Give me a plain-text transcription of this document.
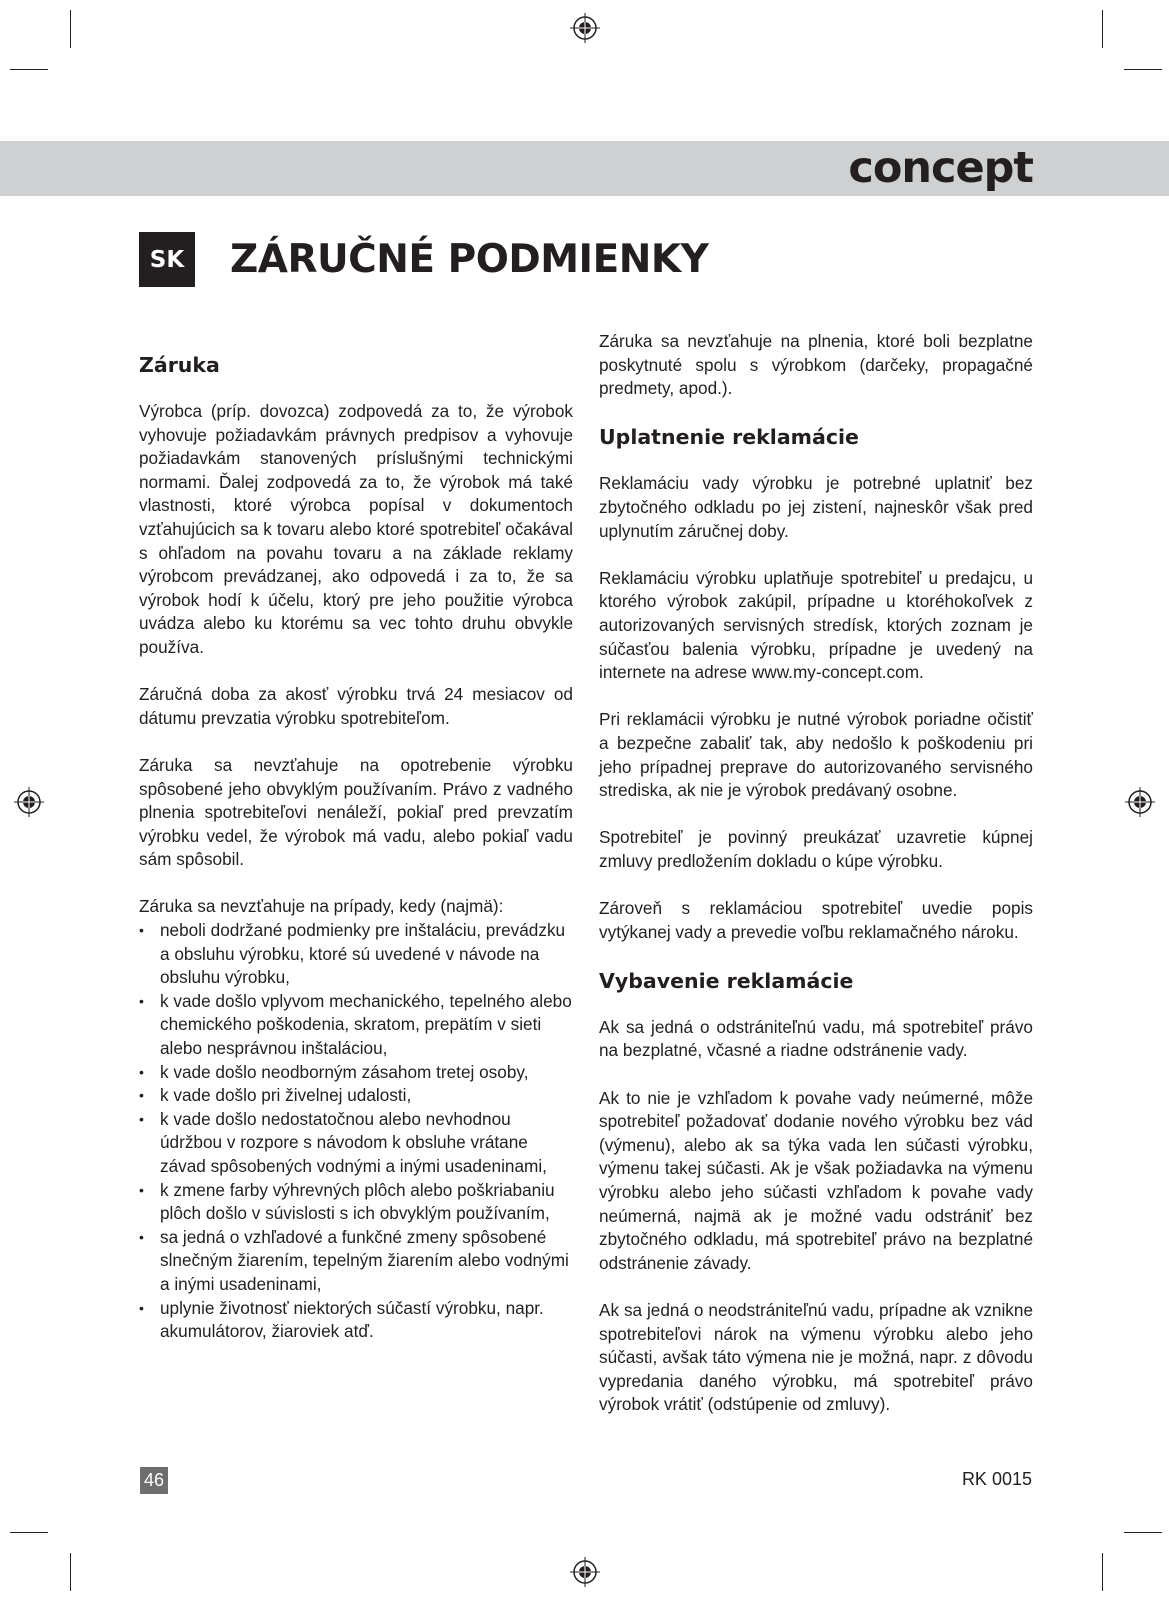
concept
SK ZÁRUČNÉ PODMIENKY
Záruka

Výrobca (príp. dovozca) zodpovedá za to, že výrobok vyhovuje požiadavkám právnych predpisov a vyhovuje požiadavkám stanovených príslušnými technickými normami. Ďalej zodpovedá za to, že výrobok má také vlastnosti, ktoré výrobca popísal v dokumentoch vzťahujúcich sa k tovaru alebo ktoré spotrebiteľ očakával s ohľadom na povahu tovaru a na základe reklamy výrobcom prevádzanej, ako odpovedá i za to, že sa výrobok hodí k účelu, ktorý pre jeho použitie výrobca uvádza alebo ku ktorému sa vec tohto druhu obvykle používa.

Záručná doba za akosť výrobku trvá 24 mesiacov od dátumu prevzatia výrobku spotrebiteľom.

Záruka sa nevzťahuje na opotrebenie výrobku spôsobené jeho obvyklým používaním. Právo z vadného plnenia spotrebiteľovi nenáleží, pokiaľ pred prevzatím výrobku vedel, že výrobok má vadu, alebo pokiaľ vadu sám spôsobil.

Záruka sa nevzťahuje na prípady, kedy (najmä):

• neboli dodržané podmienky pre inštaláciu, prevádzku a obsluhu výrobku, ktoré sú uvedené v návode na obsluhu výrobku,
• k vade došlo vplyvom mechanického, tepelného alebo chemického poškodenia, skratom, prepätím v sieti alebo nesprávnou inštaláciou,
• k vade došlo neodborným zásahom tretej osoby,
• k vade došlo pri živelnej udalosti,
• k vade došlo nedostatočnou alebo nevhodnou údržbou v rozpore s návodom k obsluhe vrátane závad spôsobených vodnými a inými usadeninami,
• k zmene farby výhrevných plôch alebo poškriabaniu plôch došlo v súvislosti s ich obvyklým používaním,
• sa jedná o vzhľadové a funkčné zmeny spôsobené slnečným žiarením, tepelným žiarením alebo vodnými a inými usadeninami,
• uplynie životnosť niektorých súčastí výrobku, napr. akumulátorov, žiaroviek atď.

Záruka sa nevzťahuje na plnenia, ktoré boli bezplatne poskytnuté spolu s výrobkom (darčeky, propagačné predmety, apod.).

Uplatnenie reklamácie

Reklamáciu vady výrobku je potrebné uplatniť bez zbytočného odkladu po jej zistení, najneskôr však pred uplynutím záručnej doby.

Reklamáciu výrobku uplatňuje spotrebiteľ u predajcu, u ktorého výrobok zakúpil, prípadne u ktoréhokoľvek z autorizovaných servisných stredísk, ktorých zoznam je súčasťou balenia výrobku, prípadne je uvedený na internete na adrese www.my-concept.com.

Pri reklamácii výrobku je nutné výrobok poriadne očistiť a bezpečne zabaliť tak, aby nedošlo k poškodeniu pri jeho prípadnej preprave do autorizovaného servisného strediska, ak nie je výrobok predávaný osobne.

Spotrebiteľ je povinný preukázať uzavretie kúpnej zmluvy predložením dokladu o kúpe výrobku.

Zároveň s reklamáciou spotrebiteľ uvedie popis vytýkanej vady a prevedie voľbu reklamačného nároku.

Vybavenie reklamácie

Ak sa jedná o odstrániteľnú vadu, má spotrebiteľ právo na bezplatné, včasné a riadne odstránenie vady.

Ak to nie je vzhľadom k povahe vady neúmerné, môže spotrebiteľ požadovať dodanie nového výrobku bez vád (výmenu), alebo ak sa týka vada len súčasti výrobku, výmenu takej súčasti. Ak je však požiadavka na výmenu výrobku alebo jeho súčasti vzhľadom k povahe vady neúmerná, najmä ak je možné vadu odstrániť bez zbytočného odkladu, má spotrebiteľ právo na bezplatné odstránenie závady.

Ak sa jedná o neodstrániteľnú vadu, prípadne ak vznikne spotrebiteľovi nárok na výmenu výrobku alebo jeho súčasti, avšak táto výmena nie je možná, napr. z dôvodu vypredania daného výrobku, má spotrebiteľ právo výrobok vrátiť (odstúpenie od zmluvy).

46	RK 0015
